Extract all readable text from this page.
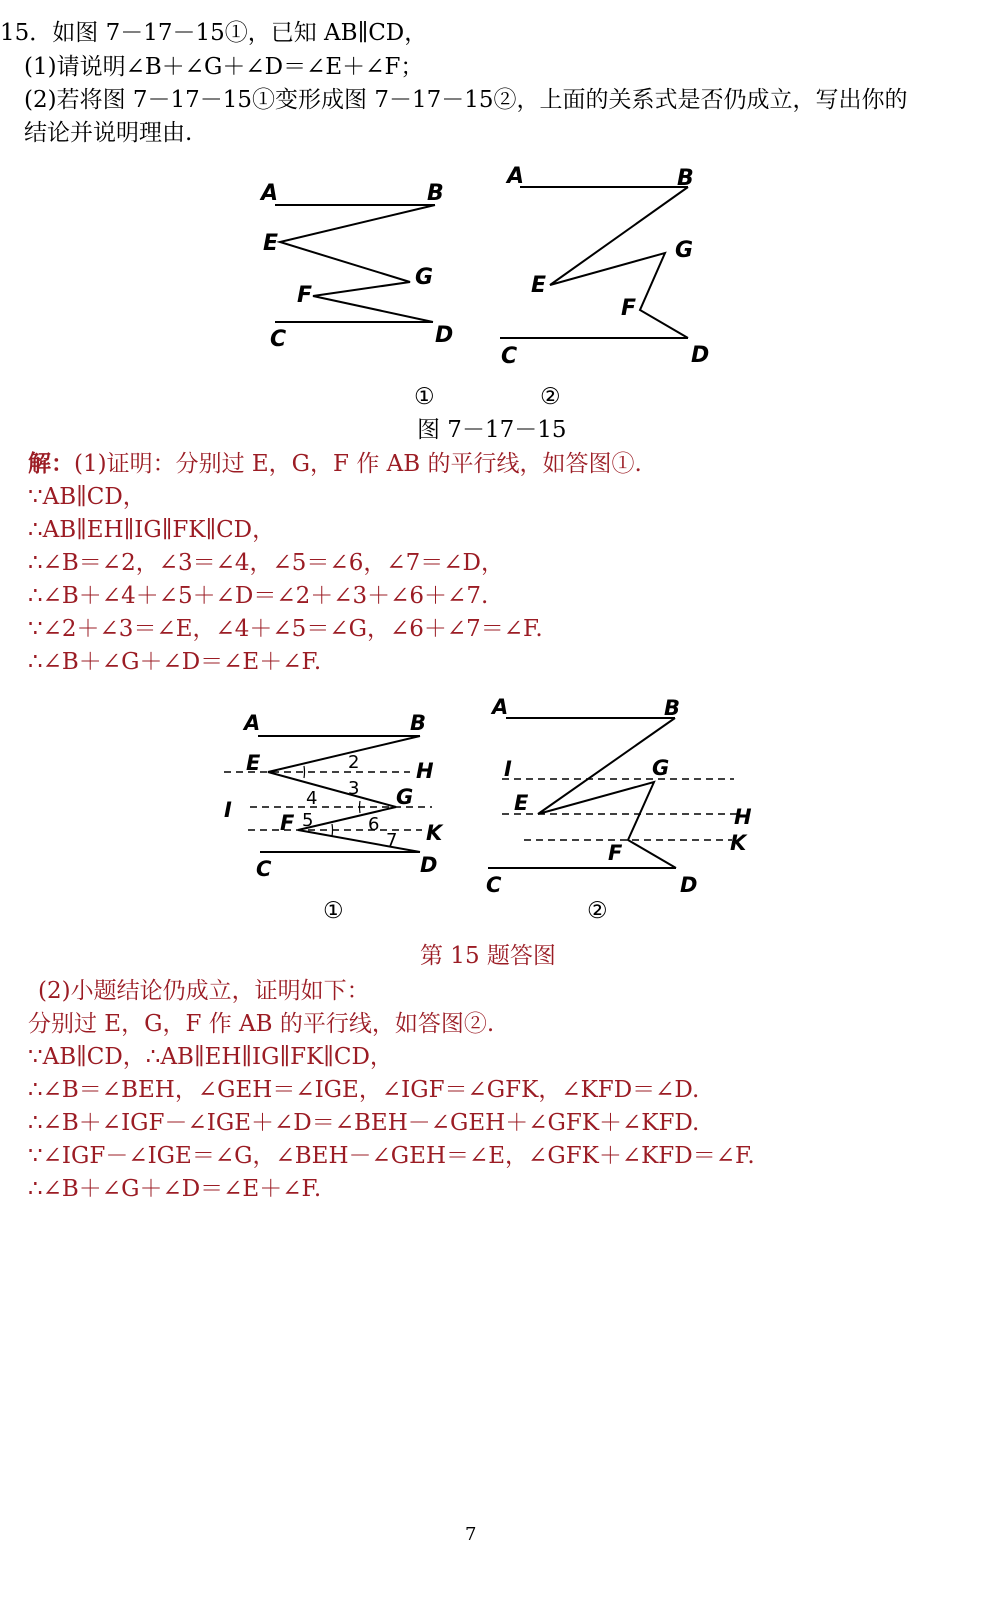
15．如图 7－17－15①，已知 AB∥CD，
(1)请说明∠B＋∠G＋∠D＝∠E＋∠F；
(2)若将图 7－17－15①变形成图 7－17－15②，上面的关系式是否仍成立，写出你的
结论并说明理由.
A	B
E
G
F
C	D
A	B
G
E
F
C	D
①	②
图 7－17－15
解：(1)证明：分别过 E，G，F 作 AB 的平行线，如答图①.
∵AB∥CD，
∴AB∥EH∥IG∥FK∥CD，
∴∠B＝∠2，∠3＝∠4，∠5＝∠6，∠7＝∠D，
∴∠B＋∠4＋∠5＋∠D＝∠2＋∠3＋∠6＋∠7.
∵∠2＋∠3＝∠E，∠4＋∠5＝∠G，∠6＋∠7＝∠F.
∴∠B＋∠G＋∠D＝∠E＋∠F.
A	B
E	H
I
G
F	K
C	D
2
3
4
5	6
7
A	B
I	G
E
H
K
F
C	D
①	②
第 15 题答图
(2)小题结论仍成立，证明如下：
分别过 E，G，F 作 AB 的平行线，如答图②.
∵AB∥CD，∴AB∥EH∥IG∥FK∥CD，
∴∠B＝∠BEH，∠GEH＝∠IGE，∠IGF＝∠GFK，∠KFD＝∠D.
∴∠B＋∠IGF－∠IGE＋∠D＝∠BEH－∠GEH＋∠GFK＋∠KFD.
∵∠IGF－∠IGE＝∠G，∠BEH－∠GEH＝∠E，∠GFK＋∠KFD＝∠F.
∴∠B＋∠G＋∠D＝∠E＋∠F.
7
